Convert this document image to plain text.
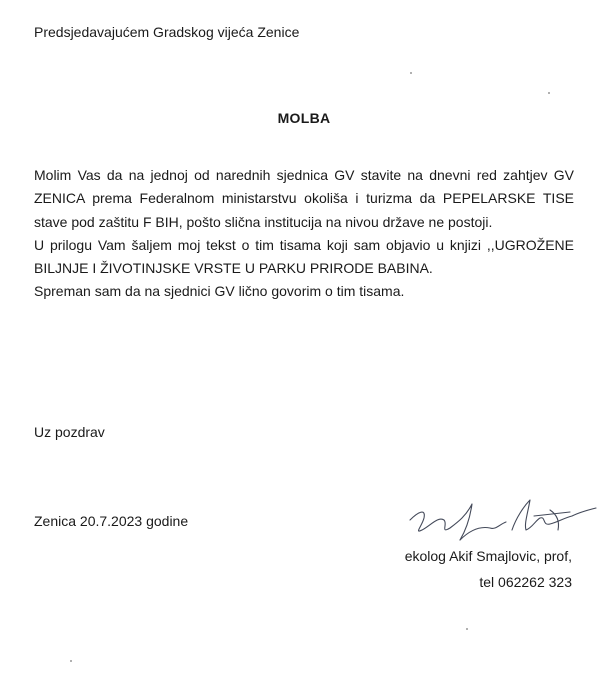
Predsjedavajućem Gradskog vijeća Zenice
MOLBA

Molim Vas da na jednoj od narednih sjednica GV stavite na dnevni red zahtjev GV ZENICA prema Federalnom ministarstvu okoliša i turizma da PEPELARSKE TISE stave pod zaštitu F BIH, pošto slična institucija na nivou države ne postoji.

U prilogu Vam šaljem moj tekst o tim tisama koji sam objavio u knjizi ,,UGROŽENE BILJNJE I ŽIVOTINJSKE VRSTE U PARKU PRIRODE BABINA.

Spreman sam da na sjednici GV lično govorim o tim tisama.

Uz pozdrav
Zenica 20.7.2023 godine
ekolog Akif Smajlovic, prof,
tel 062262 323
